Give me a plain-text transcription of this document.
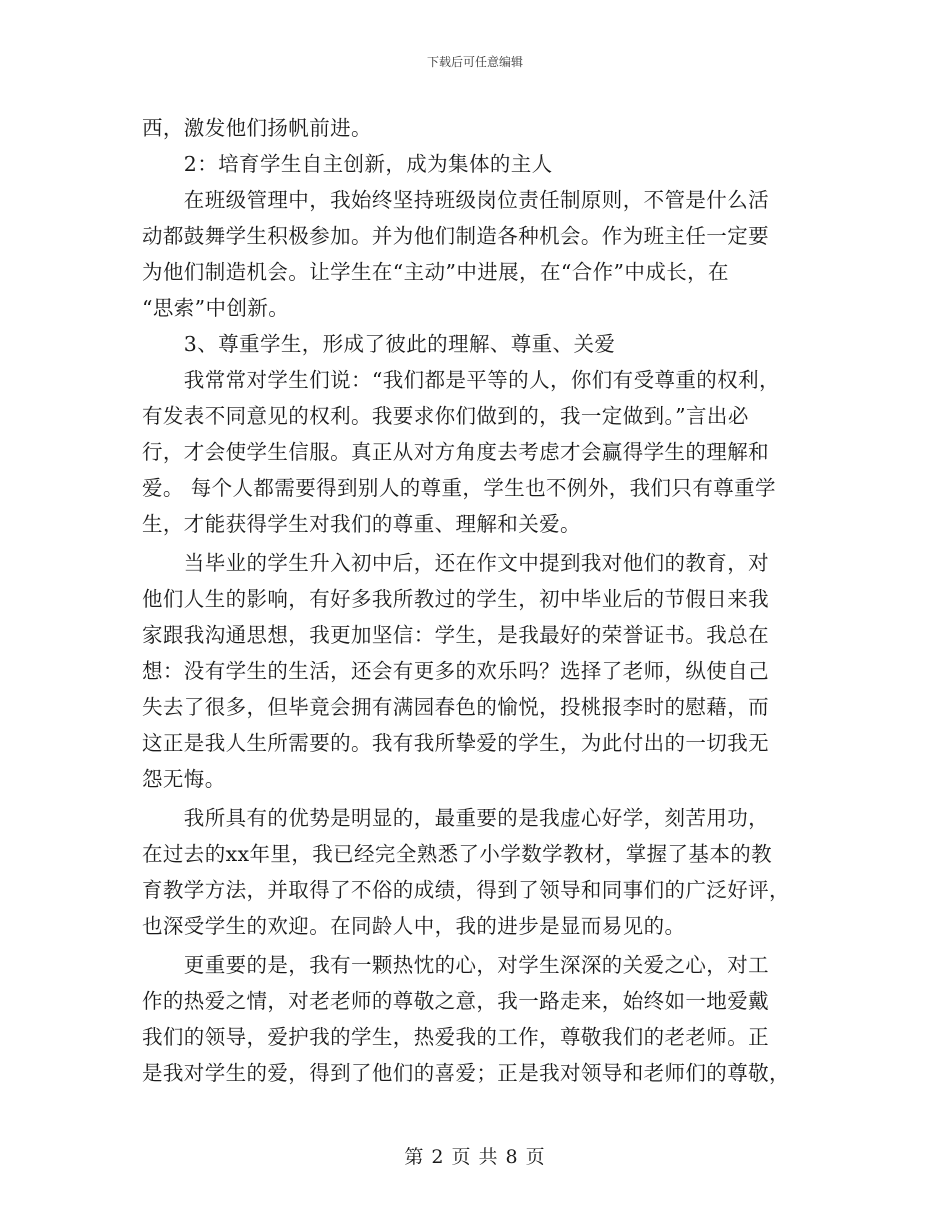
下载后可任意编辑
西，激发他们扬帆前进。
　　2：培育学生自主创新，成为集体的主人
　　在班级管理中，我始终坚持班级岗位责任制原则，不管是什么活
动都鼓舞学生积极参加。并为他们制造各种机会。作为班主任一定要
为他们制造机会。让学生在“主动”中进展，在“合作”中成长，在
“思索”中创新。
　　3、尊重学生，形成了彼此的理解、尊重、关爱
　　我常常对学生们说：“我们都是平等的人，你们有受尊重的权利，
有发表不同意见的权利。我要求你们做到的，我一定做到。”言出必
行，才会使学生信服。真正从对方角度去考虑才会赢得学生的理解和
爱。 每个人都需要得到别人的尊重，学生也不例外，我们只有尊重学
生，才能获得学生对我们的尊重、理解和关爱。
　　当毕业的学生升入初中后，还在作文中提到我对他们的教育，对
他们人生的影响，有好多我所教过的学生，初中毕业后的节假日来我
家跟我沟通思想，我更加坚信：学生，是我最好的荣誉证书。我总在
想：没有学生的生活，还会有更多的欢乐吗？选择了老师，纵使自己
失去了很多，但毕竟会拥有满园春色的愉悦，投桃报李时的慰藉，而
这正是我人生所需要的。我有我所挚爱的学生，为此付出的一切我无
怨无悔。
　　我所具有的优势是明显的，最重要的是我虚心好学，刻苦用功，
在过去的xx年里，我已经完全熟悉了小学数学教材，掌握了基本的教
育教学方法，并取得了不俗的成绩，得到了领导和同事们的广泛好评，
也深受学生的欢迎。在同龄人中，我的进步是显而易见的。
　　更重要的是，我有一颗热忱的心，对学生深深的关爱之心，对工
作的热爱之情，对老老师的尊敬之意，我一路走来，始终如一地爱戴
我们的领导，爱护我的学生，热爱我的工作，尊敬我们的老老师。正
是我对学生的爱，得到了他们的喜爱；正是我对领导和老师们的尊敬，
第 2 页 共 8 页
